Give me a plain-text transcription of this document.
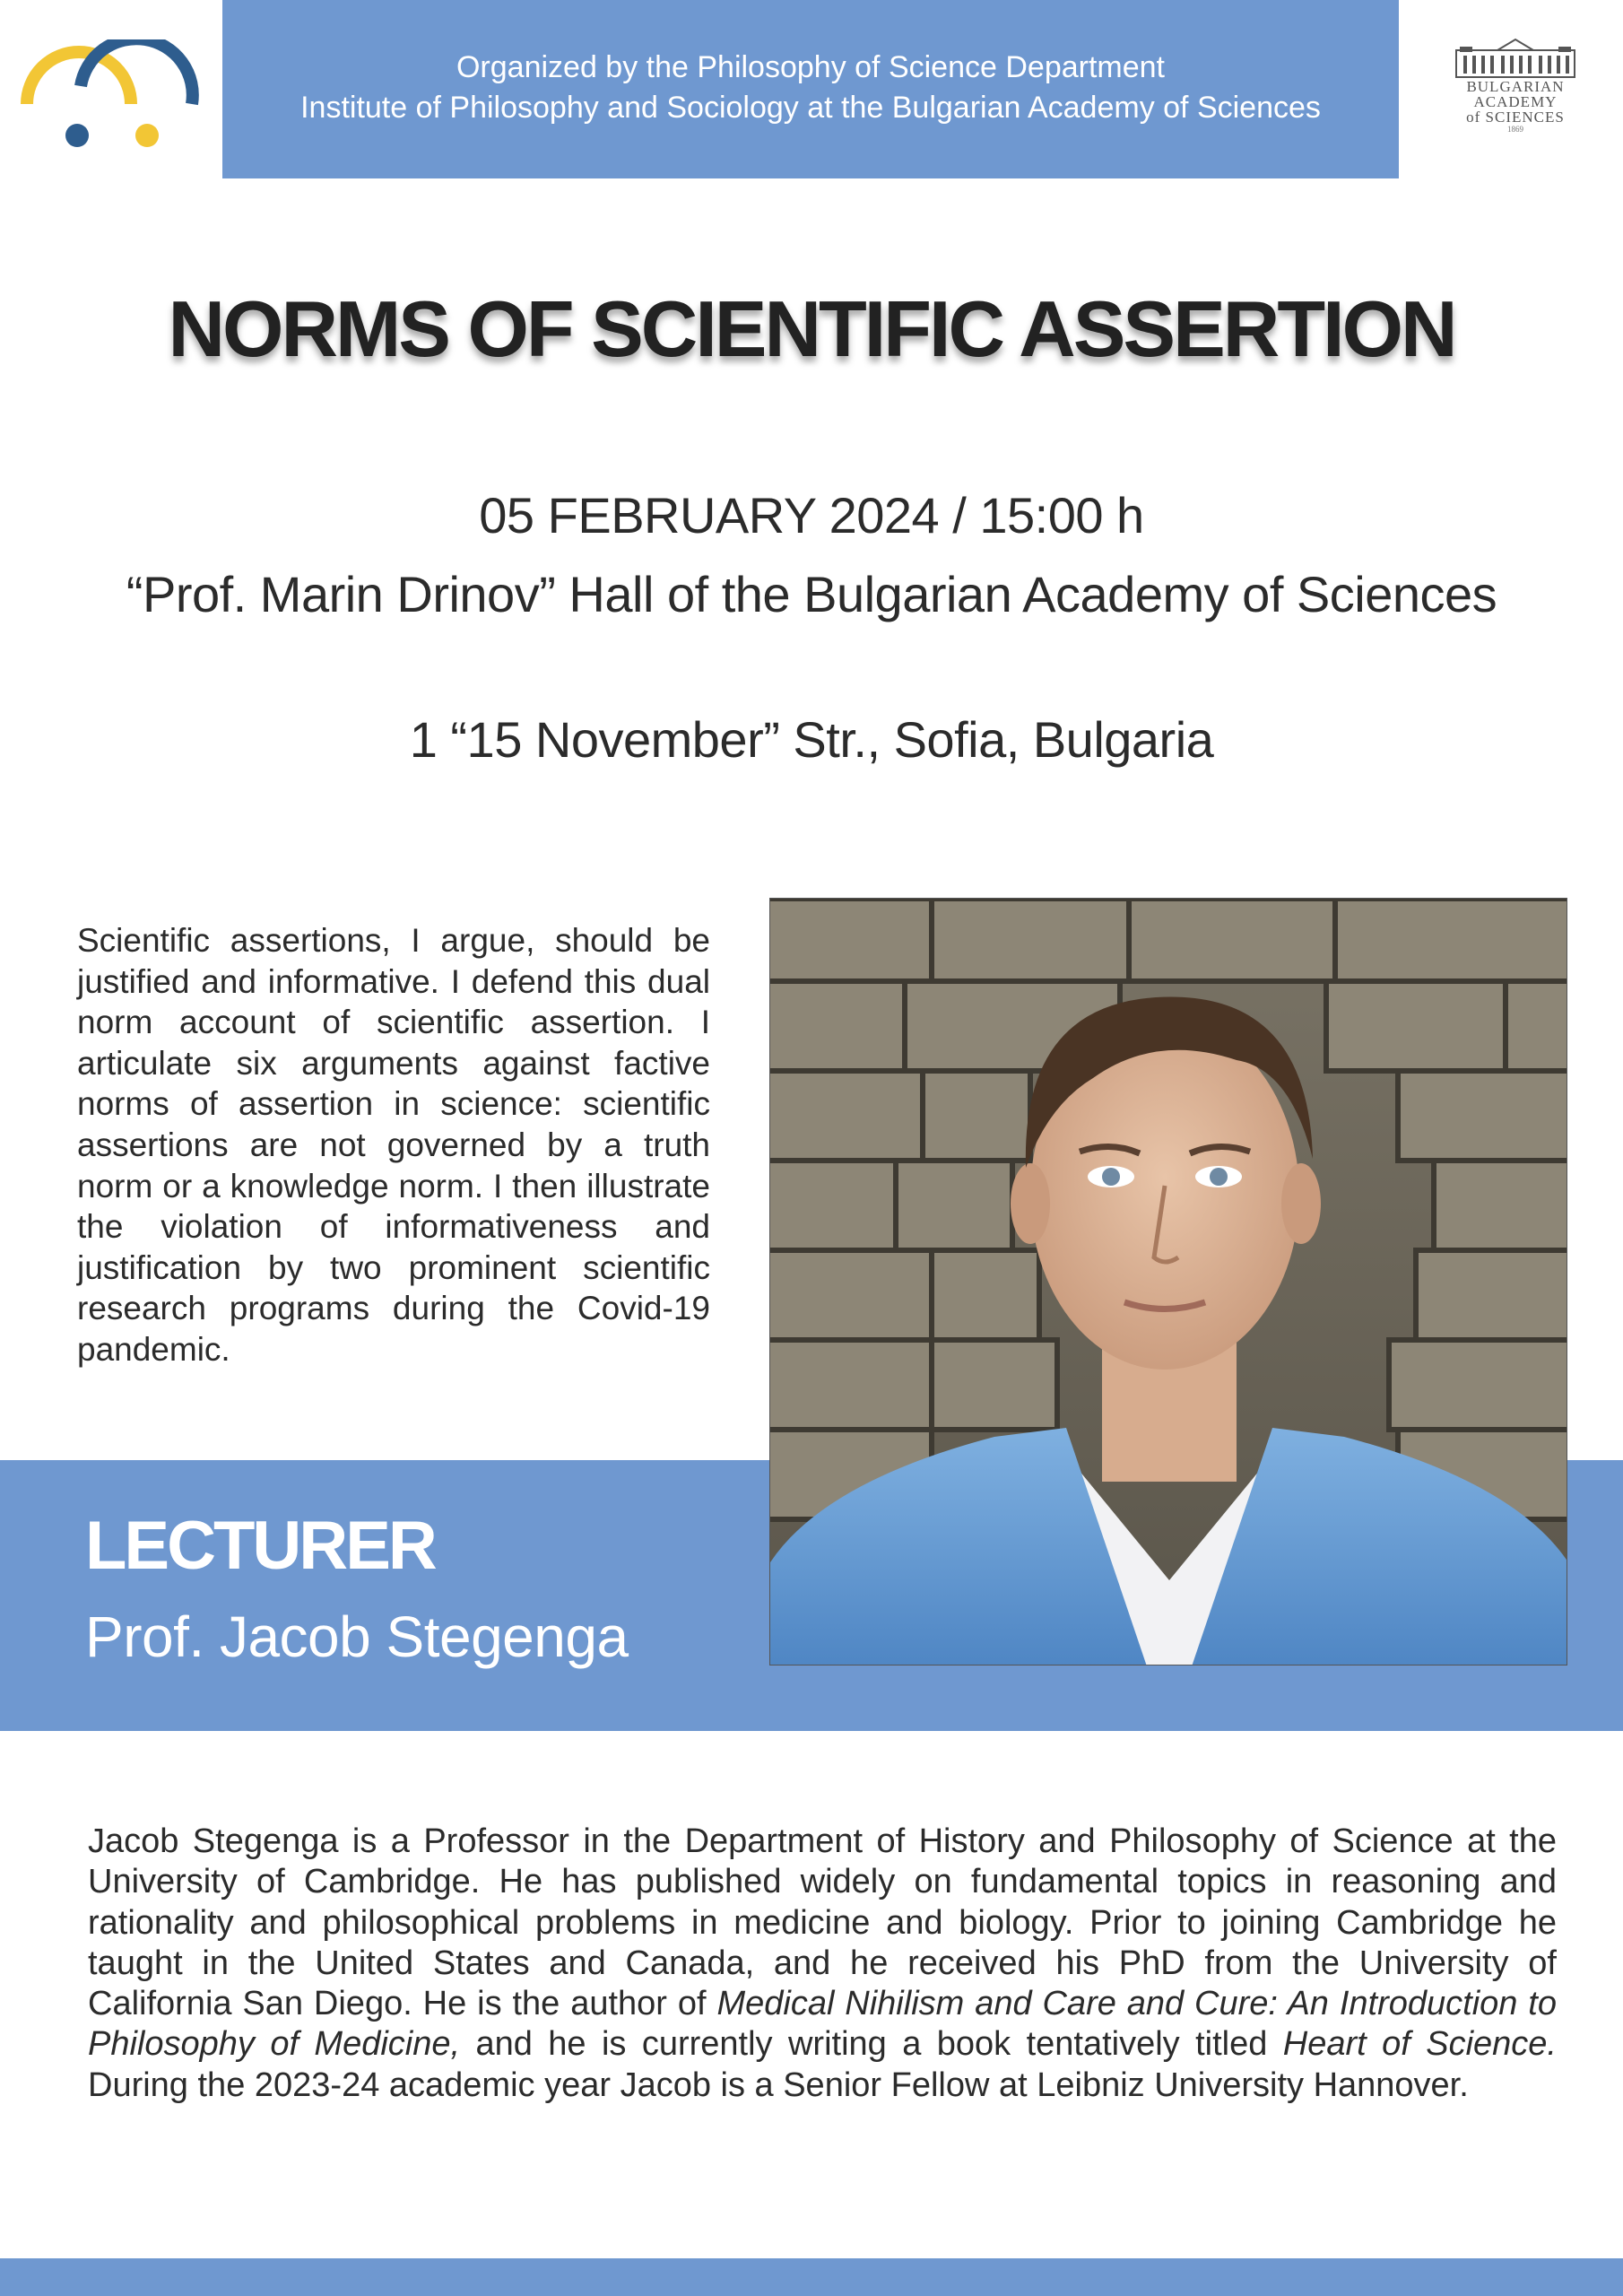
Organized by the Philosophy of Science Department
Institute of Philosophy and Sociology at the Bulgarian Academy of Sciences
BULGARIAN
ACADEMY
of SCIENCES
1869
NORMS OF SCIENTIFIC ASSERTION
05 FEBRUARY 2024 / 15:00 h
“Prof. Marin Drinov” Hall of the Bulgarian Academy of Sciences
1 “15 November” Str., Sofia, Bulgaria
Scientific assertions, I argue, should be justified and informative. I defend this dual norm account of scientific assertion. I articulate six arguments against factive norms of assertion in science: scientific assertions are not governed by a truth norm or a knowledge norm. I then illustrate the violation of informativeness and justification by two prominent scientific research programs during the Covid-19 pandemic.
LECTURER
Prof. Jacob Stegenga
Jacob Stegenga is a Professor in the Department of History and Philosophy of Science at the University of Cambridge. He has published widely on fundamental topics in reasoning and rationality and philosophical problems in medicine and biology. Prior to joining Cambridge he taught in the United States and Canada, and he received his PhD from the University of California San Diego. He is the author of Medical Nihilism and Care and Cure: An Introduction to Philosophy of Medicine, and he is currently writing a book tentatively titled Heart of Science. During the 2023-24 academic year Jacob is a Senior Fellow at Leibniz University Hannover.
